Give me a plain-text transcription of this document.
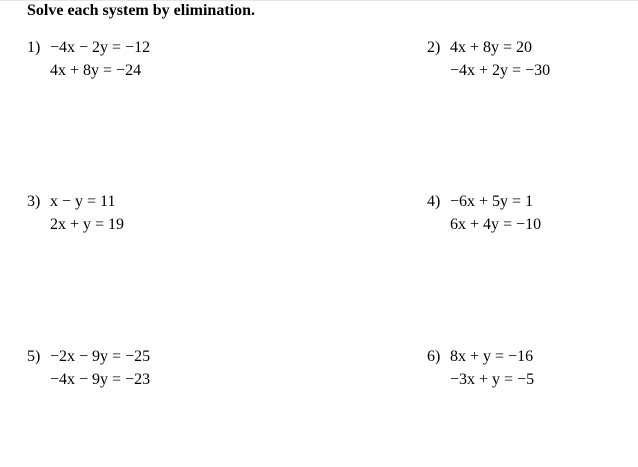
Solve each system by elimination.
1) −4x − 2y = −12
4x + 8y = −24
2) 4x + 8y = 20
−4x + 2y = −30
3) x − y = 11
2x + y = 19
4) −6x + 5y = 1
6x + 4y = −10
5) −2x − 9y = −25
−4x − 9y = −23
6) 8x + y = −16
−3x + y = −5
